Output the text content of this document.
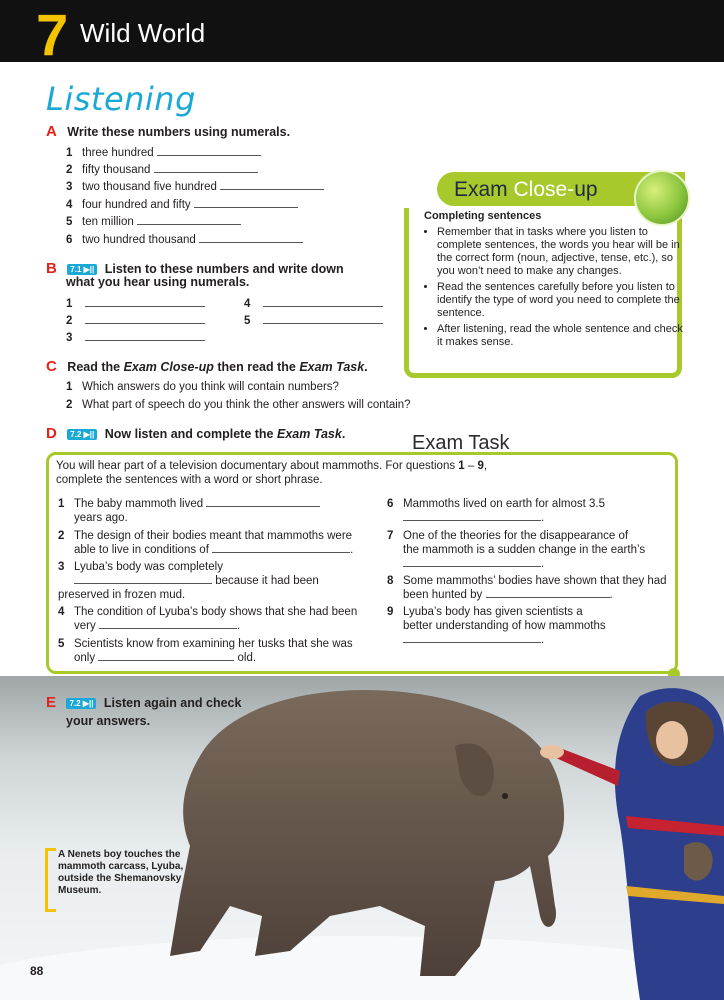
7 Wild World
Listening
A Write these numbers using numerals.
1 three hundred
2 fifty thousand
3 two thousand five hundred
4 four hundred and fifty
5 ten million
6 two hundred thousand
B 7.1 ▶|| Listen to these numbers and write down
what you hear using numerals.
1
2
3
4
5
C Read the Exam Close-up then read the Exam Task.
1 Which answers do you think will contain numbers?
2 What part of speech do you think the other answers will contain?
D 7.2 ▶|| Now listen and complete the Exam Task.
Exam Close-up
Completing sentences
• Remember that in tasks where you listen to complete sentences, the words you hear will be in the correct form (noun, adjective, tense, etc.), so you won’t need to make any changes.
• Read the sentences carefully before you listen to identify the type of word you need to complete the sentence.
• After listening, read the whole sentence and check it makes sense.
Exam Task
You will hear part of a television documentary about mammoths. For questions 1 – 9,
complete the sentences with a word or short phrase.
1 The baby mammoth lived

years ago.
2 The design of their bodies meant that mammoths were

able to live in conditions of	.
3 Lyuba’s body was completely

because it had been
preserved in frozen mud.
4 The condition of Lyuba’s body shows that she had been

very	.
5 Scientists know from examining her tusks that she was

only	old.
6 Mammoths lived on earth for almost 3.5

.
7 One of the theories for the disappearance of

the mammoth is a sudden change in the earth’s
.
8 Some mammoths’ bodies have shown that they had

been hunted by	.
9 Lyuba’s body has given scientists a

better understanding of how mammoths
.
E 7.2 ▶|| Listen again and check
your answers.
A Nenets boy touches the mammoth carcass, Lyuba, outside the Shemanovsky Museum.
88
